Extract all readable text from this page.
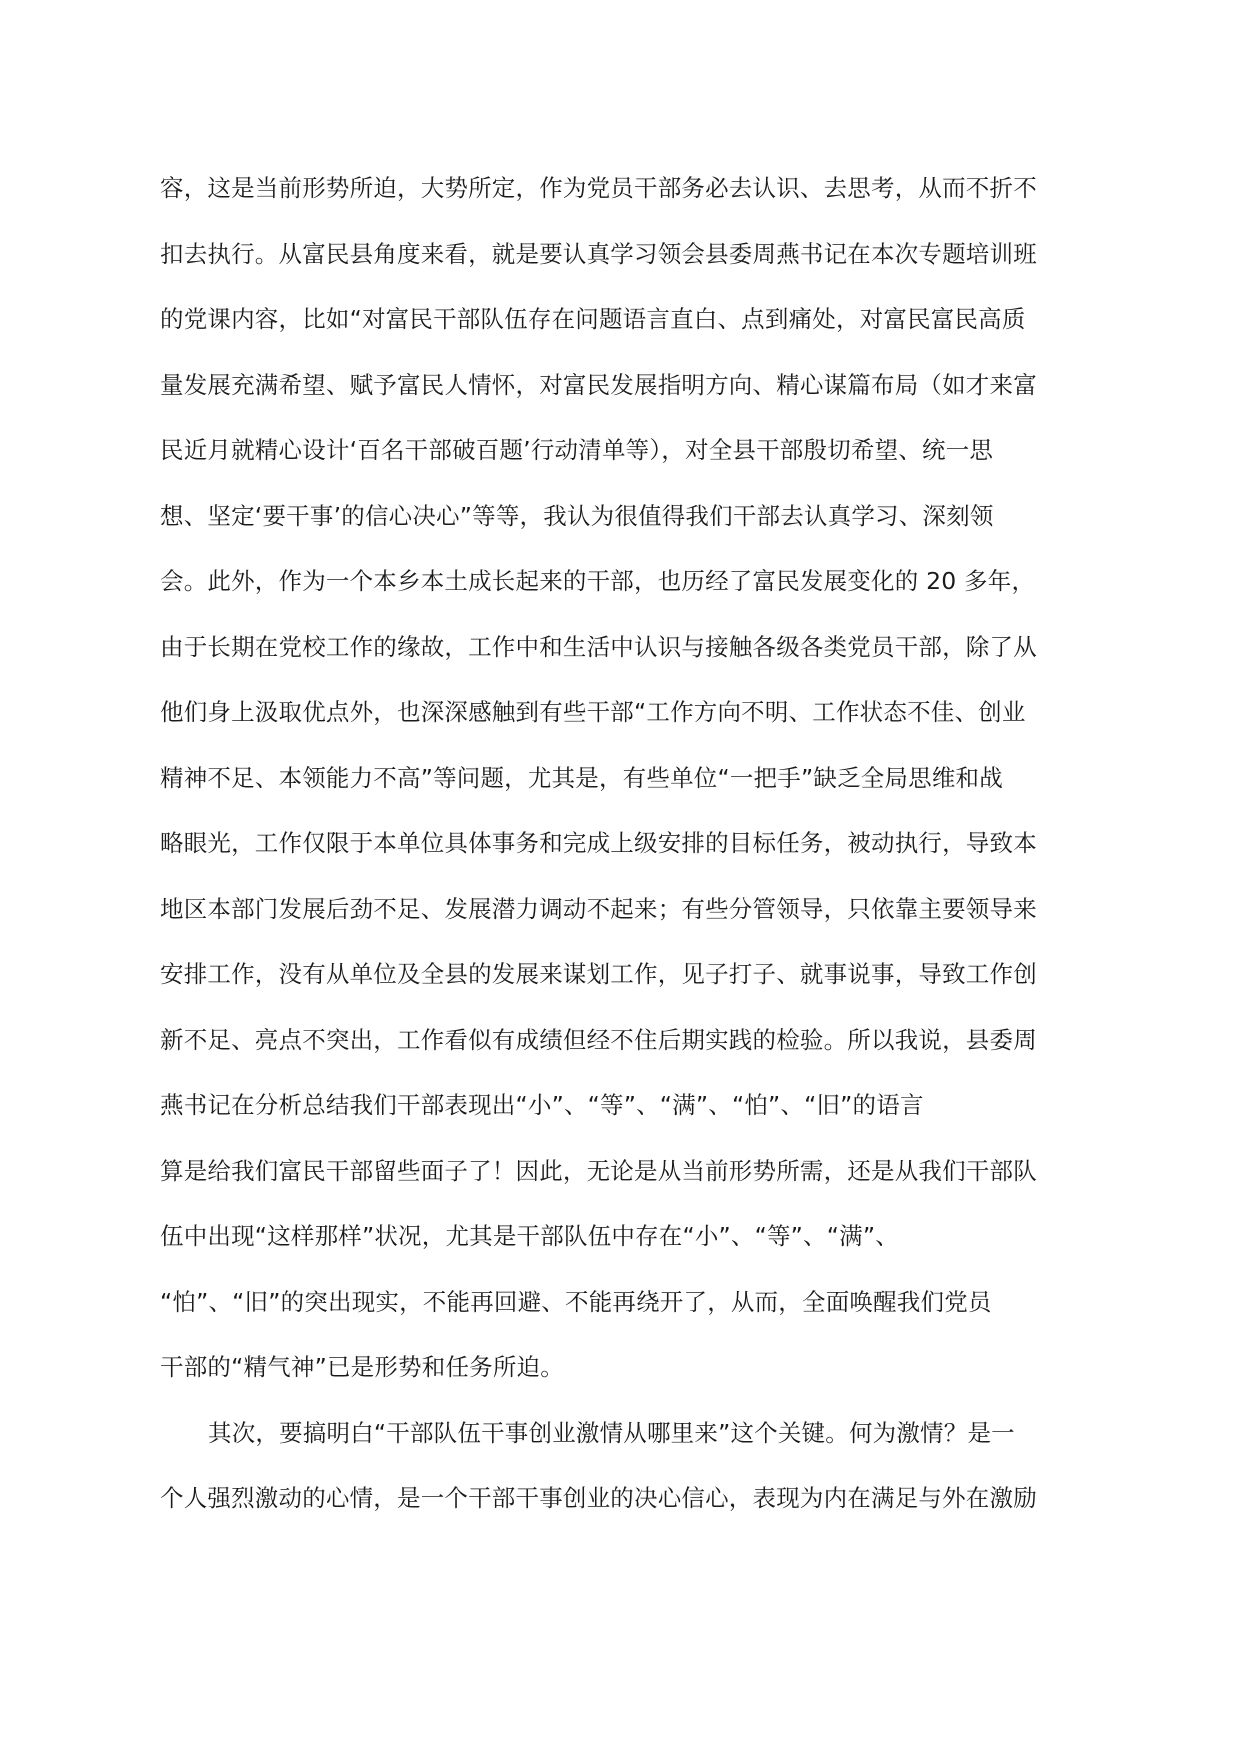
容，这是当前形势所迫，大势所定，作为党员干部务必去认识、去思考，从而不折不
扣去执行。从富民县角度来看，就是要认真学习领会县委周燕书记在本次专题培训班
的党课内容，比如“对富民干部队伍存在问题语言直白、点到痛处，对富民富民高质
量发展充满希望、赋予富民人情怀，对富民发展指明方向、精心谋篇布局（如才来富
民近月就精心设计‘百名干部破百题’行动清单等），对全县干部殷切希望、统一思
想、坚定‘要干事’的信心决心”等等，我认为很值得我们干部去认真学习、深刻领
会。此外，作为一个本乡本土成长起来的干部，也历经了富民发展变化的 20 多年，
由于长期在党校工作的缘故，工作中和生活中认识与接触各级各类党员干部，除了从
他们身上汲取优点外，也深深感触到有些干部“工作方向不明、工作状态不佳、创业
精神不足、本领能力不高”等问题，尤其是，有些单位“一把手”缺乏全局思维和战
略眼光，工作仅限于本单位具体事务和完成上级安排的目标任务，被动执行，导致本
地区本部门发展后劲不足、发展潜力调动不起来；有些分管领导，只依靠主要领导来
安排工作，没有从单位及全县的发展来谋划工作，见子打子、就事说事，导致工作创
新不足、亮点不突出，工作看似有成绩但经不住后期实践的检验。所以我说，县委周
燕书记在分析总结我们干部表现出“小”、“等”、“满”、“怕”、“旧”的语言
算是给我们富民干部留些面子了！因此，无论是从当前形势所需，还是从我们干部队
伍中出现“这样那样”状况，尤其是干部队伍中存在“小”、“等”、“满”、
“怕”、“旧”的突出现实，不能再回避、不能再绕开了，从而，全面唤醒我们党员
干部的“精气神”已是形势和任务所迫。
其次，要搞明白“干部队伍干事创业激情从哪里来”这个关键。何为激情？是一
个人强烈激动的心情，是一个干部干事创业的决心信心，表现为内在满足与外在激励
